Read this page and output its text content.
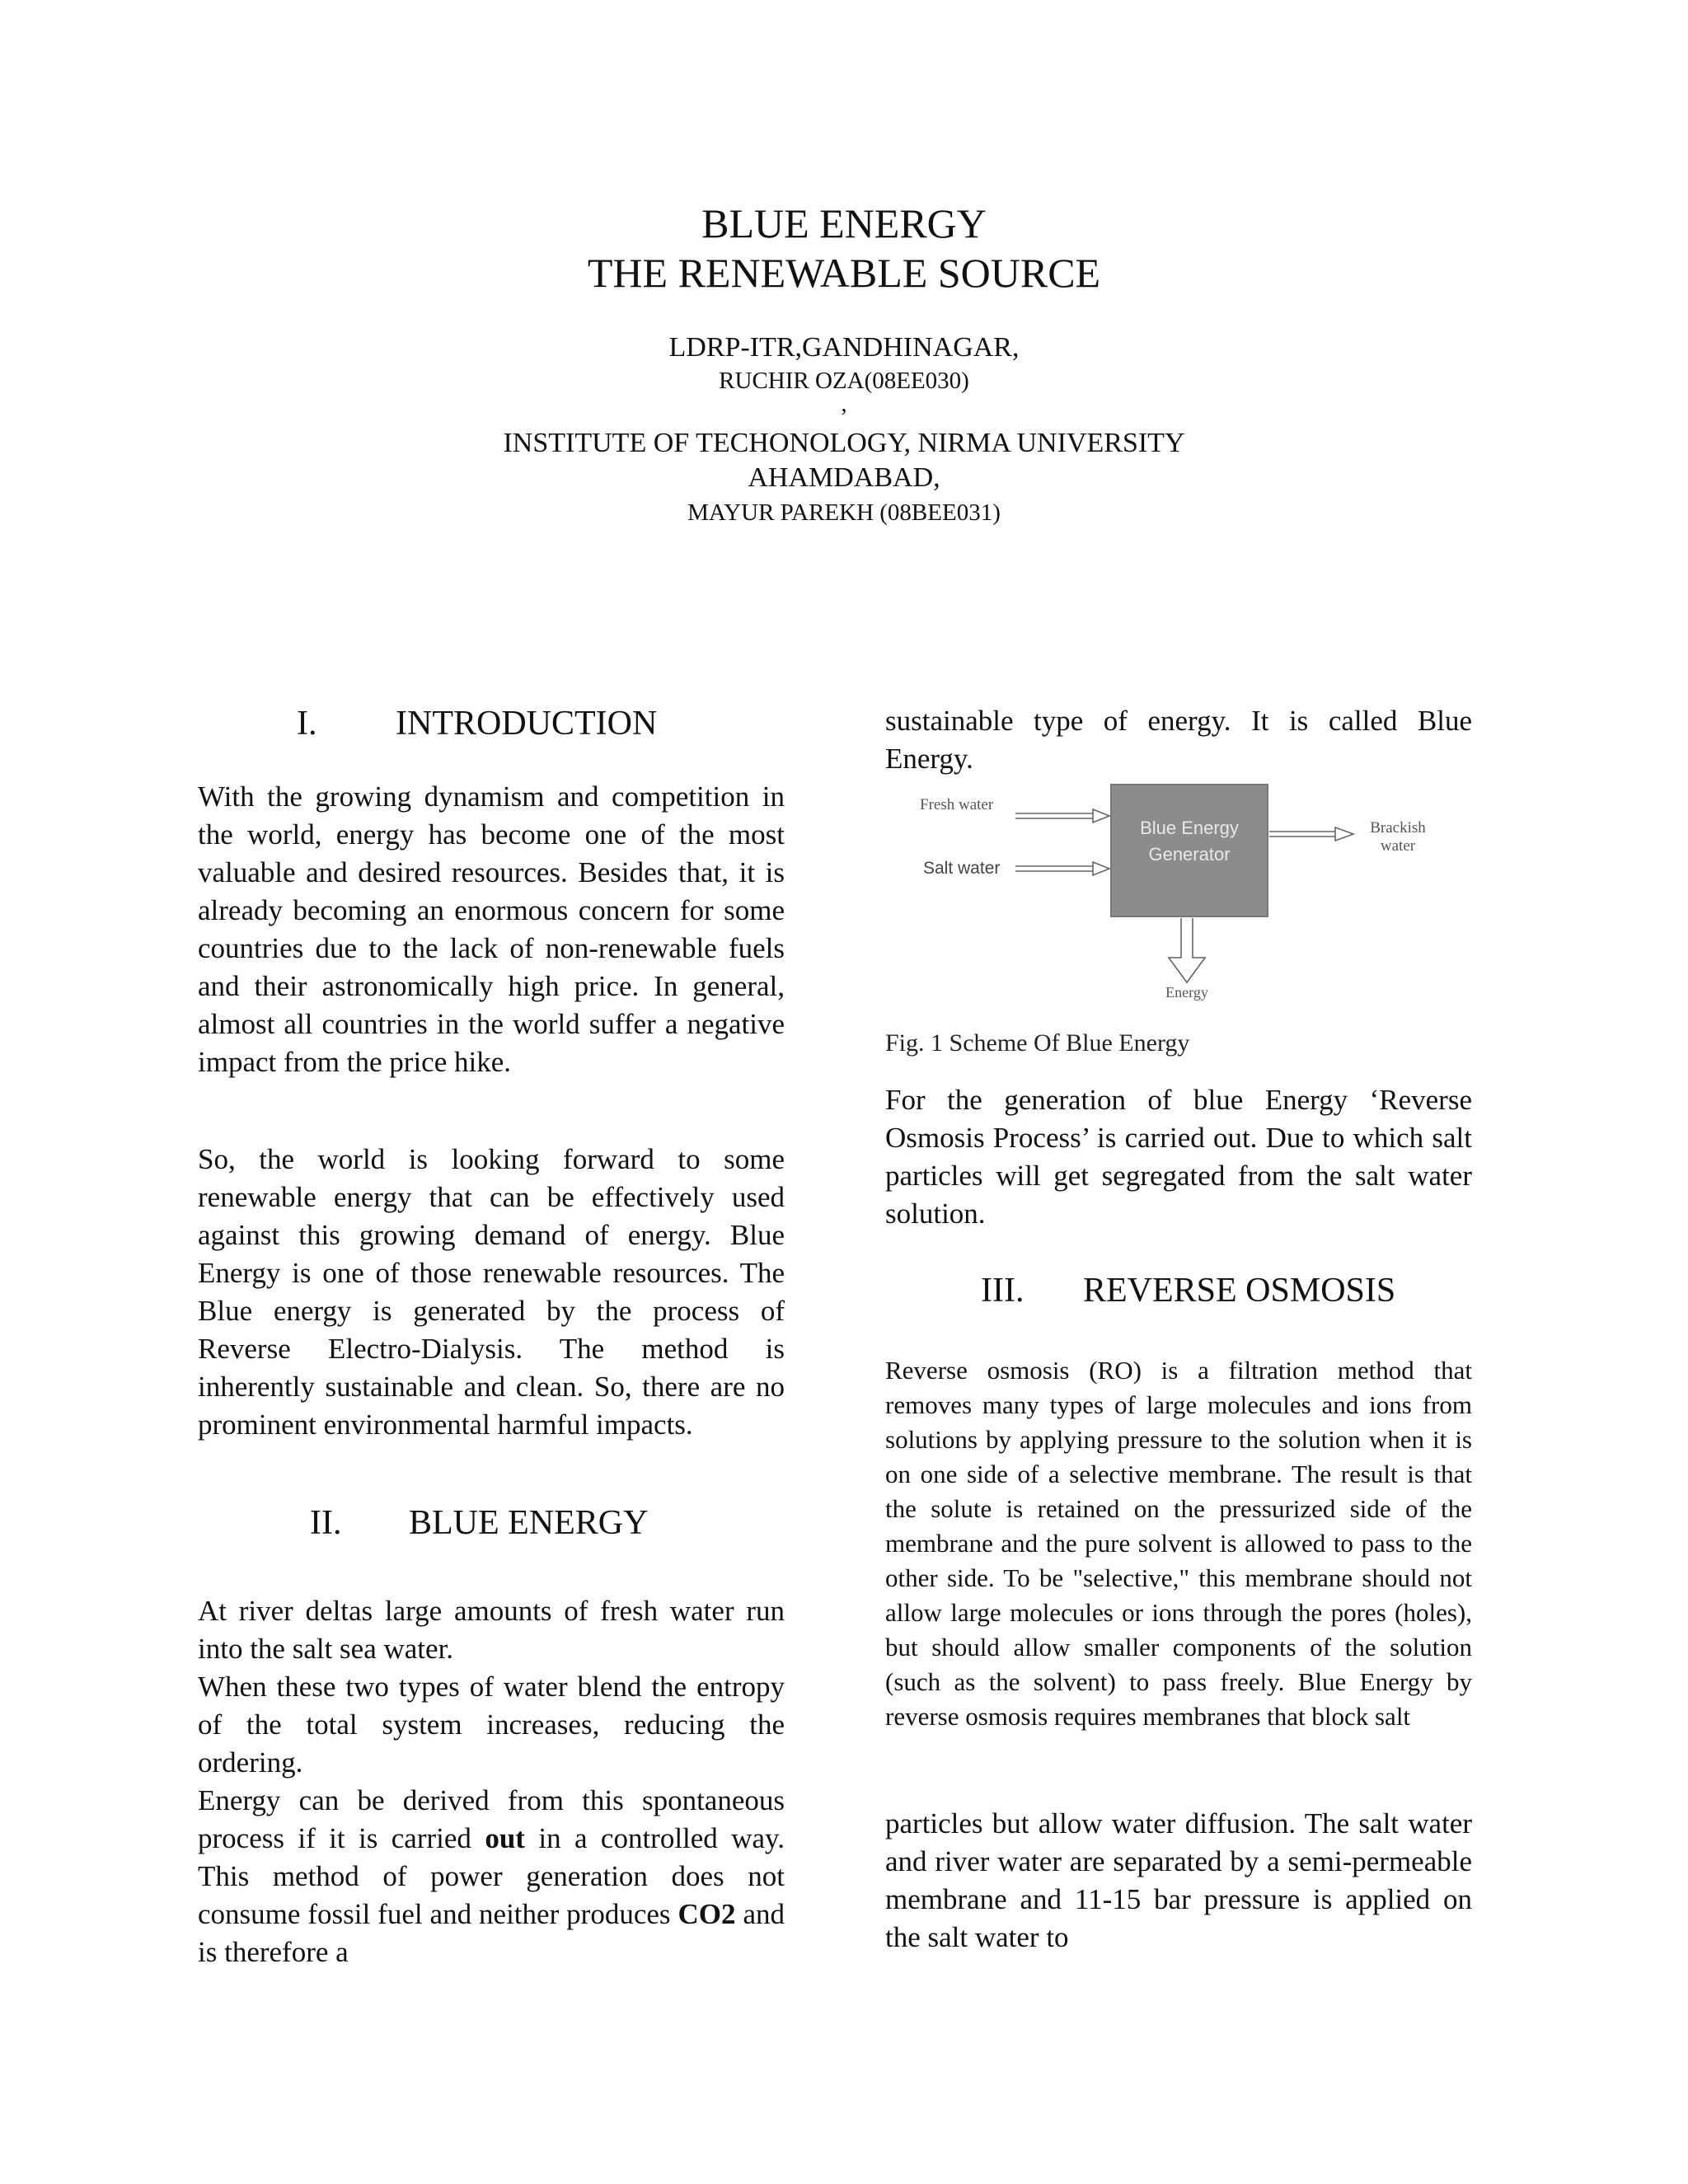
BLUE ENERGY
THE RENEWABLE SOURCE
LDRP-ITR,GANDHINAGAR,
RUCHIR OZA(08EE030)
,
INSTITUTE OF TECHONOLOGY, NIRMA UNIVERSITY
AHAMDABAD,
MAYUR PAREKH (08BEE031)
I. INTRODUCTION

With the growing dynamism and competition in the world, energy has become one of the most valuable and desired resources. Besides that, it is already becoming an enormous concern for some countries due to the lack of non-renewable fuels and their astronomically high price. In general, almost all countries in the world suffer a negative impact from the price hike.

So, the world is looking forward to some renewable energy that can be effectively used against this growing demand of energy. Blue Energy is one of those renewable resources. The Blue energy is generated by the process of Reverse Electro-Dialysis. The method is inherently sustainable and clean. So, there are no prominent environmental harmful impacts.

II. BLUE ENERGY

At river deltas large amounts of fresh water run into the salt sea water.

When these two types of water blend the entropy of the total system increases, reducing the ordering.

Energy can be derived from this spontaneous process if it is carried out in a controlled way. This method of power generation does not consume fossil fuel and neither produces CO2 and is therefore a

sustainable type of energy. It is called Blue Energy.

Blue Energy
Generator
Fresh water
Salt water
Brackish
water
Energy
Fig. 1 Scheme Of Blue Energy

For the generation of blue Energy ‘Reverse Osmosis Process’ is carried out. Due to which salt particles will get segregated from the salt water solution.

III. REVERSE OSMOSIS

Reverse osmosis (RO) is a filtration method that removes many types of large molecules and ions from solutions by applying pressure to the solution when it is on one side of a selective membrane. The result is that the solute is retained on the pressurized side of the membrane and the pure solvent is allowed to pass to the other side. To be "selective," this membrane should not allow large molecules or ions through the pores (holes), but should allow smaller components of the solution (such as the solvent) to pass freely. Blue Energy by reverse osmosis requires membranes that block salt

particles but allow water diffusion. The salt water and river water are separated by a semi-permeable membrane and 11-15 bar pressure is applied on the salt water to
